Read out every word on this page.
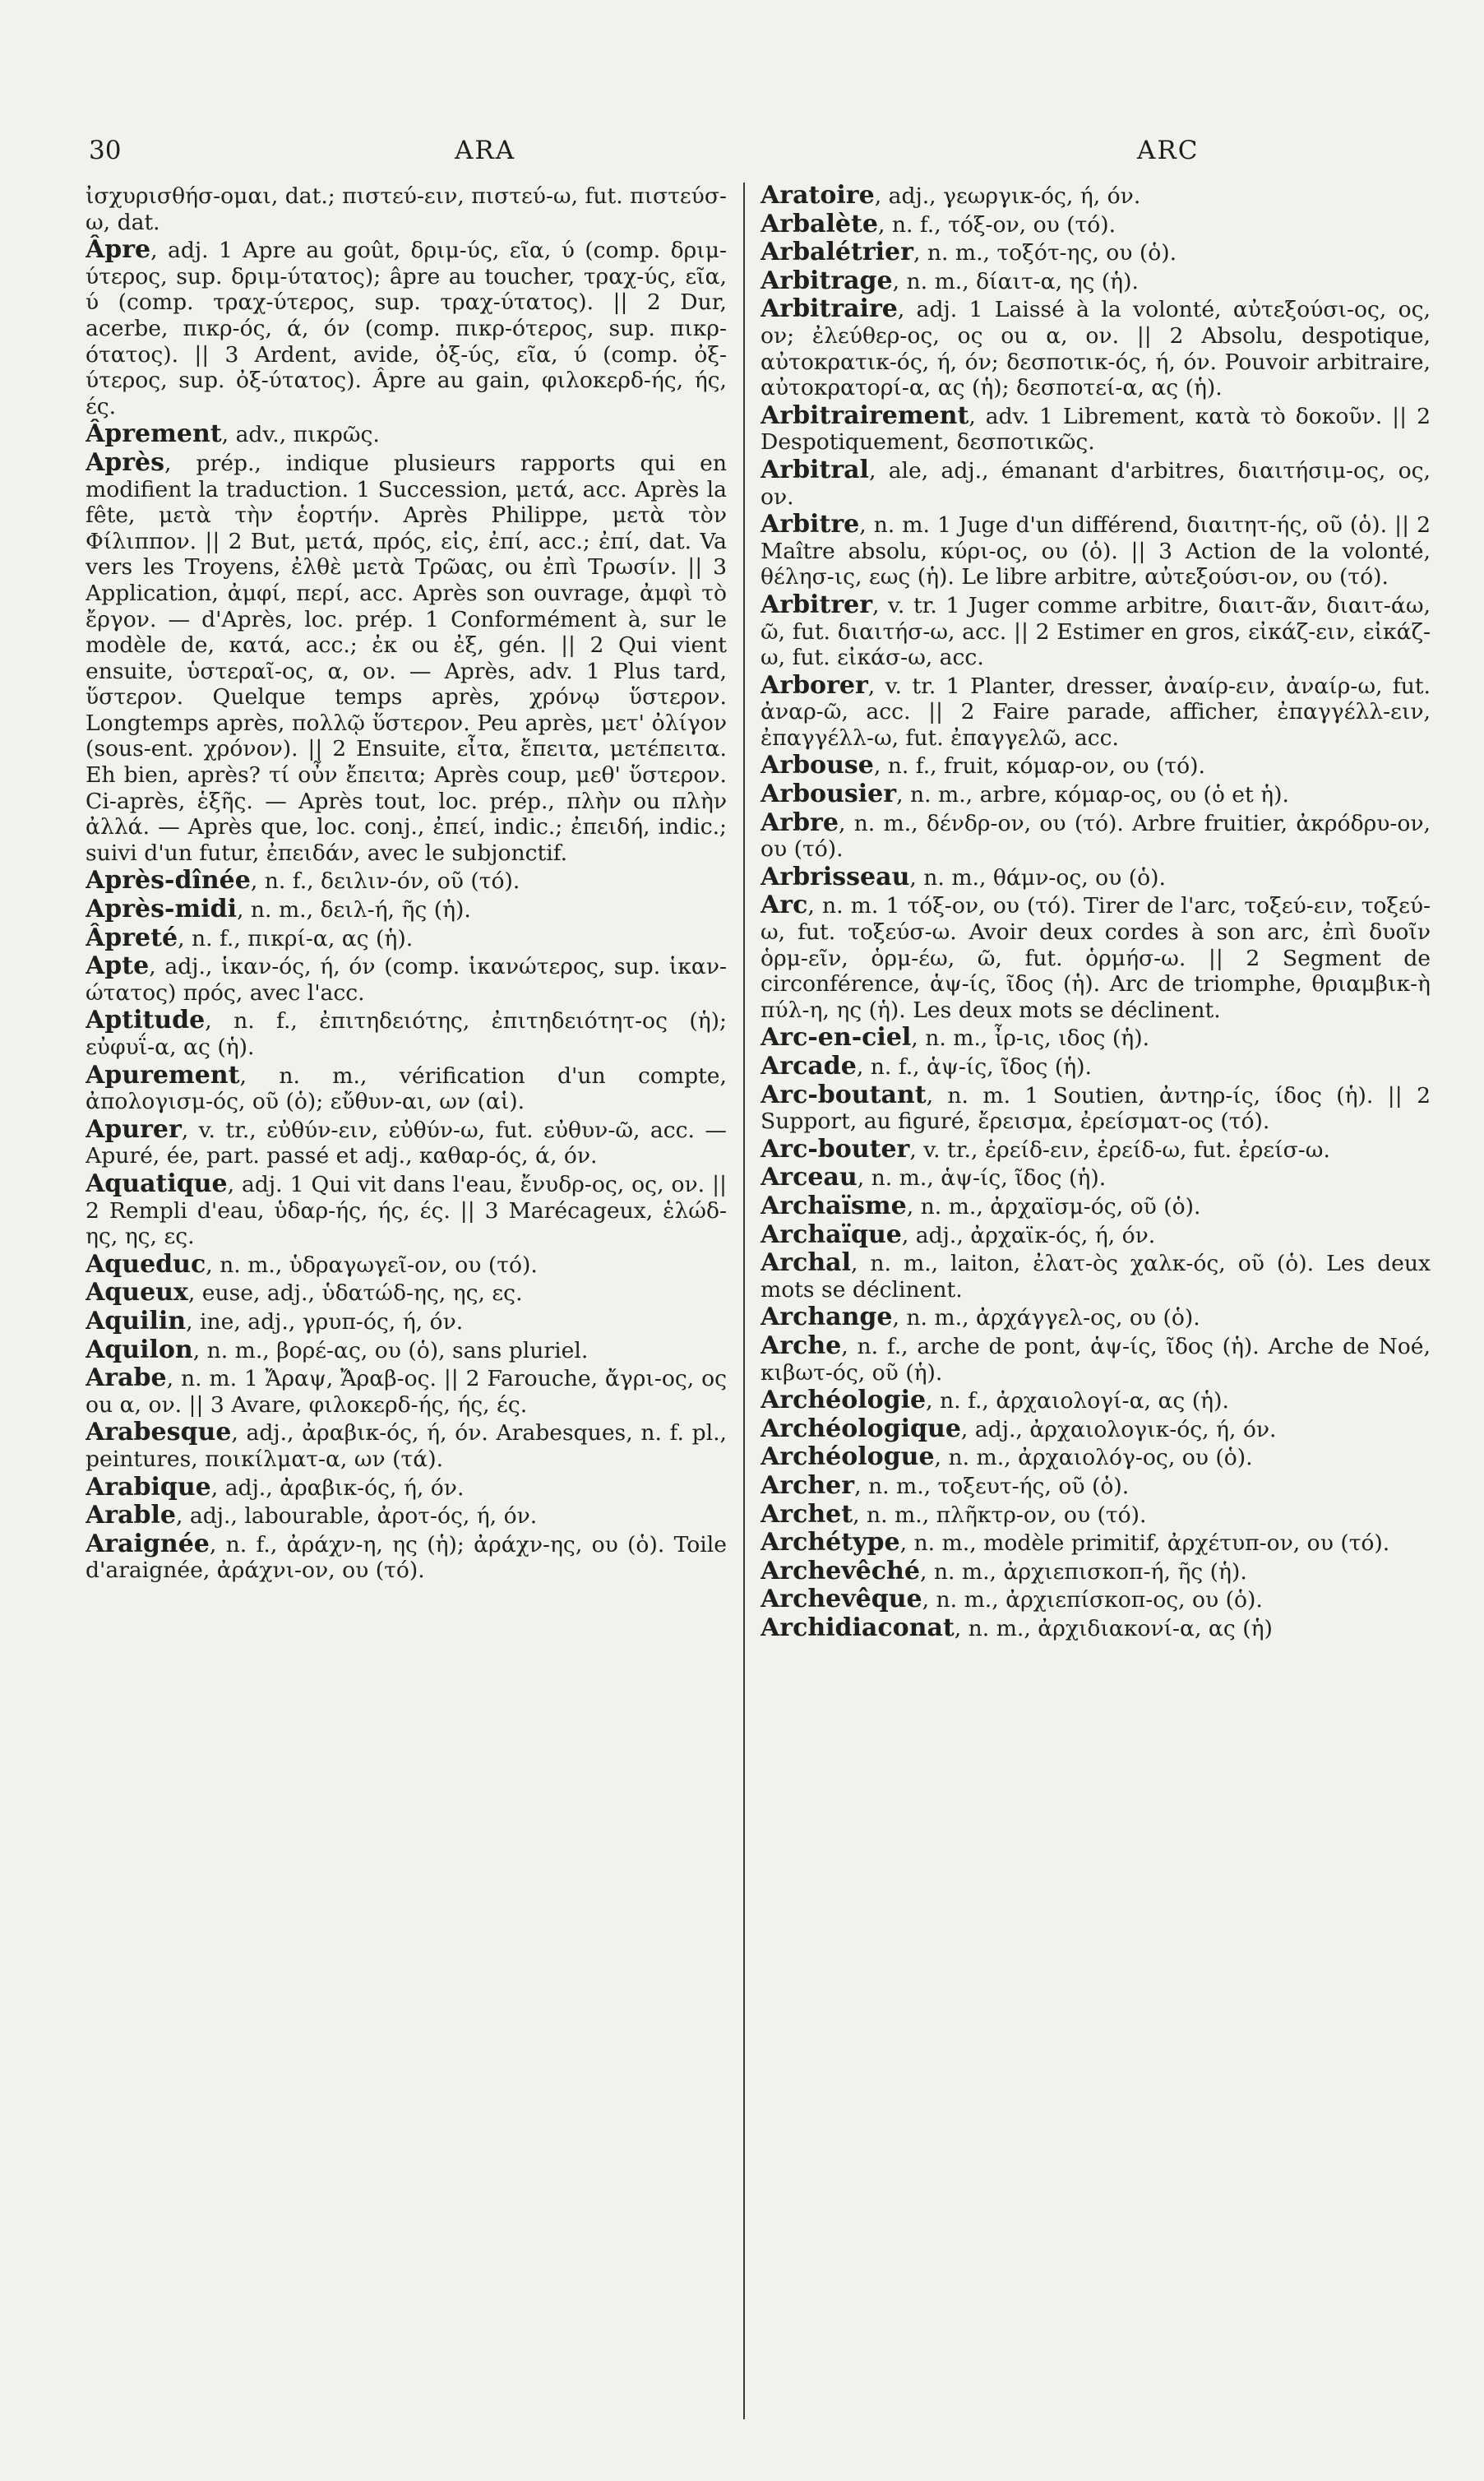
30	ARA	ARC

ἰσχυρισθήσ-ομαι, dat.; πιστεύ-ειν, πιστεύ-ω, fut. πιστεύσ-ω, dat.

Âpre, adj. 1 Apre au goût, δριμ-ύς, εῖα, ύ (comp. δριμ-ύτερος, sup. δριμ-ύτατος); âpre au toucher, τραχ-ύς, εῖα, ύ (comp. τραχ-ύτερος, sup. τραχ-ύτατος). || 2 Dur, acerbe, πικρ-ός, ά, όν (comp. πικρ-ότερος, sup. πικρ-ότατος). || 3 Ardent, avide, ὀξ-ύς, εῖα, ύ (comp. ὀξ-ύτερος, sup. ὀξ-ύτατος). Âpre au gain, φιλοκερδ-ής, ής, ές.

Âprement, adv., πικρῶς.

Après, prép., indique plusieurs rapports qui en modifient la traduction. 1 Succession, μετά, acc. Après la fête, μετὰ τὴν ἑορτήν. Après Philippe, μετὰ τὸν Φίλιππον. || 2 But, μετά, πρός, εἰς, ἐπί, acc.; ἐπί, dat. Va vers les Troyens, ἐλθὲ μετὰ Τρῶας, ou ἐπὶ Τρωσίν. || 3 Application, ἀμφί, περί, acc. Après son ouvrage, ἀμφὶ τὸ ἔργον. — d'Après, loc. prép. 1 Conformément à, sur le modèle de, κατά, acc.; ἐκ ou ἐξ, gén. || 2 Qui vient ensuite, ὑστεραῖ-ος, α, ον. — Après, adv. 1 Plus tard, ὕστερον. Quelque temps après, χρόνῳ ὕστερον. Longtemps après, πολλῷ ὕστερον. Peu après, μετ' ὀλίγον (sous-ent. χρόνον). || 2 Ensuite, εἶτα, ἔπειτα, μετέπειτα. Eh bien, après? τί οὖν ἔπειτα; Après coup, μεθ' ὕστερον. Ci-après, ἑξῆς. — Après tout, loc. prép., πλὴν ou πλὴν ἀλλά. — Après que, loc. conj., ἐπεί, indic.; ἐπειδή, indic.; suivi d'un futur, ἐπειδάν, avec le subjonctif.

Après-dînée, n. f., δειλιν-όν, οῦ (τό).

Après-midi, n. m., δειλ-ή, ῆς (ἡ).

Âpreté, n. f., πικρί-α, ας (ἡ).

Apte, adj., ἱκαν-ός, ή, όν (comp. ἱκανώτερος, sup. ἱκαν-ώτατος) πρός, avec l'acc.

Aptitude, n. f., ἐπιτηδειότης, ἐπιτηδειότητ-ος (ἡ); εὐφυΐ-α, ας (ἡ).

Apurement, n. m., vérification d'un compte, ἀπολογισμ-ός, οῦ (ὁ); εὔθυν-αι, ων (αἱ).

Apurer, v. tr., εὐθύν-ειν, εὐθύν-ω, fut. εὐθυν-ῶ, acc. — Apuré, ée, part. passé et adj., καθαρ-ός, ά, όν.

Aquatique, adj. 1 Qui vit dans l'eau, ἔνυδρ-ος, ος, ον. || 2 Rempli d'eau, ὑδαρ-ής, ής, ές. || 3 Marécageux, ἑλώδ-ης, ης, ες.

Aqueduc, n. m., ὑδραγωγεῖ-ον, ου (τό).

Aqueux, euse, adj., ὑδατώδ-ης, ης, ες.

Aquilin, ine, adj., γρυπ-ός, ή, όν.

Aquilon, n. m., βορέ-ας, ου (ὁ), sans pluriel.

Arabe, n. m. 1 Ἄραψ, Ἄραβ-ος. || 2 Farouche, ἄγρι-ος, ος ou α, ον. || 3 Avare, φιλοκερδ-ής, ής, ές.

Arabesque, adj., ἀραβικ-ός, ή, όν. Arabesques, n. f. pl., peintures, ποικίλματ-α, ων (τά).

Arabique, adj., ἀραβικ-ός, ή, όν.

Arable, adj., labourable, ἀροτ-ός, ή, όν.

Araignée, n. f., ἀράχν-η, ης (ἡ); ἀράχν-ης, ου (ὁ). Toile d'araignée, ἀράχνι-ον, ου (τό).

Aratoire, adj., γεωργικ-ός, ή, όν.

Arbalète, n. f., τόξ-ον, ου (τό).

Arbalétrier, n. m., τοξότ-ης, ου (ὁ).

Arbitrage, n. m., δίαιτ-α, ης (ἡ).

Arbitraire, adj. 1 Laissé à la volonté, αὐτεξούσι-ος, ος, ον; ἐλεύθερ-ος, ος ou α, ον. || 2 Absolu, despotique, αὐτοκρατικ-ός, ή, όν; δεσποτικ-ός, ή, όν. Pouvoir arbitraire, αὐτοκρατορί-α, ας (ἡ); δεσποτεί-α, ας (ἡ).

Arbitrairement, adv. 1 Librement, κατὰ τὸ δοκοῦν. || 2 Despotiquement, δεσποτικῶς.

Arbitral, ale, adj., émanant d'arbitres, διαιτήσιμ-ος, ος, ον.

Arbitre, n. m. 1 Juge d'un différend, διαιτητ-ής, οῦ (ὁ). || 2 Maître absolu, κύρι-ος, ου (ὁ). || 3 Action de la volonté, θέλησ-ις, εως (ἡ). Le libre arbitre, αὐτεξούσι-ον, ου (τό).

Arbitrer, v. tr. 1 Juger comme arbitre, διαιτ-ᾶν, διαιτ-άω, ῶ, fut. διαιτήσ-ω, acc. || 2 Estimer en gros, εἰκάζ-ειν, εἰκάζ-ω, fut. εἰκάσ-ω, acc.

Arborer, v. tr. 1 Planter, dresser, ἀναίρ-ειν, ἀναίρ-ω, fut. ἀναρ-ῶ, acc. || 2 Faire parade, afficher, ἐπαγγέλλ-ειν, ἐπαγγέλλ-ω, fut. ἐπαγγελῶ, acc.

Arbouse, n. f., fruit, κόμαρ-ον, ου (τό).

Arbousier, n. m., arbre, κόμαρ-ος, ου (ὁ et ἡ).

Arbre, n. m., δένδρ-ον, ου (τό). Arbre fruitier, ἀκρόδρυ-ον, ου (τό).

Arbrisseau, n. m., θάμν-ος, ου (ὁ).

Arc, n. m. 1 τόξ-ον, ου (τό). Tirer de l'arc, τοξεύ-ειν, τοξεύ-ω, fut. τοξεύσ-ω. Avoir deux cordes à son arc, ἐπὶ δυοῖν ὁρμ-εῖν, ὁρμ-έω, ῶ, fut. ὁρμήσ-ω. || 2 Segment de circonférence, ἁψ-ίς, ῖδος (ἡ). Arc de triomphe, θριαμβικ-ὴ πύλ-η, ης (ἡ). Les deux mots se déclinent.

Arc-en-ciel, n. m., ἶρ-ις, ιδος (ἡ).

Arcade, n. f., ἁψ-ίς, ῖδος (ἡ).

Arc-boutant, n. m. 1 Soutien, ἀντηρ-ίς, ίδος (ἡ). || 2 Support, au figuré, ἔρεισμα, ἐρείσματ-ος (τό).

Arc-bouter, v. tr., ἐρείδ-ειν, ἐρείδ-ω, fut. ἐρείσ-ω.

Arceau, n. m., ἁψ-ίς, ῖδος (ἡ).

Archaïsme, n. m., ἀρχαϊσμ-ός, οῦ (ὁ).

Archaïque, adj., ἀρχαϊκ-ός, ή, όν.

Archal, n. m., laiton, ἐλατ-ὸς χαλκ-ός, οῦ (ὁ). Les deux mots se déclinent.

Archange, n. m., ἀρχάγγελ-ος, ου (ὁ).

Arche, n. f., arche de pont, ἁψ-ίς, ῖδος (ἡ). Arche de Noé, κιβωτ-ός, οῦ (ἡ).

Archéologie, n. f., ἀρχαιολογί-α, ας (ἡ).

Archéologique, adj., ἀρχαιολογικ-ός, ή, όν.

Archéologue, n. m., ἀρχαιολόγ-ος, ου (ὁ).

Archer, n. m., τοξευτ-ής, οῦ (ὁ).

Archet, n. m., πλῆκτρ-ον, ου (τό).

Archétype, n. m., modèle primitif, ἀρχέτυπ-ον, ου (τό).

Archevêché, n. m., ἀρχιεπισκοπ-ή, ῆς (ἡ).

Archevêque, n. m., ἀρχιεπίσκοπ-ος, ου (ὁ).

Archidiaconat, n. m., ἀρχιδιακονί-α, ας (ἡ)
